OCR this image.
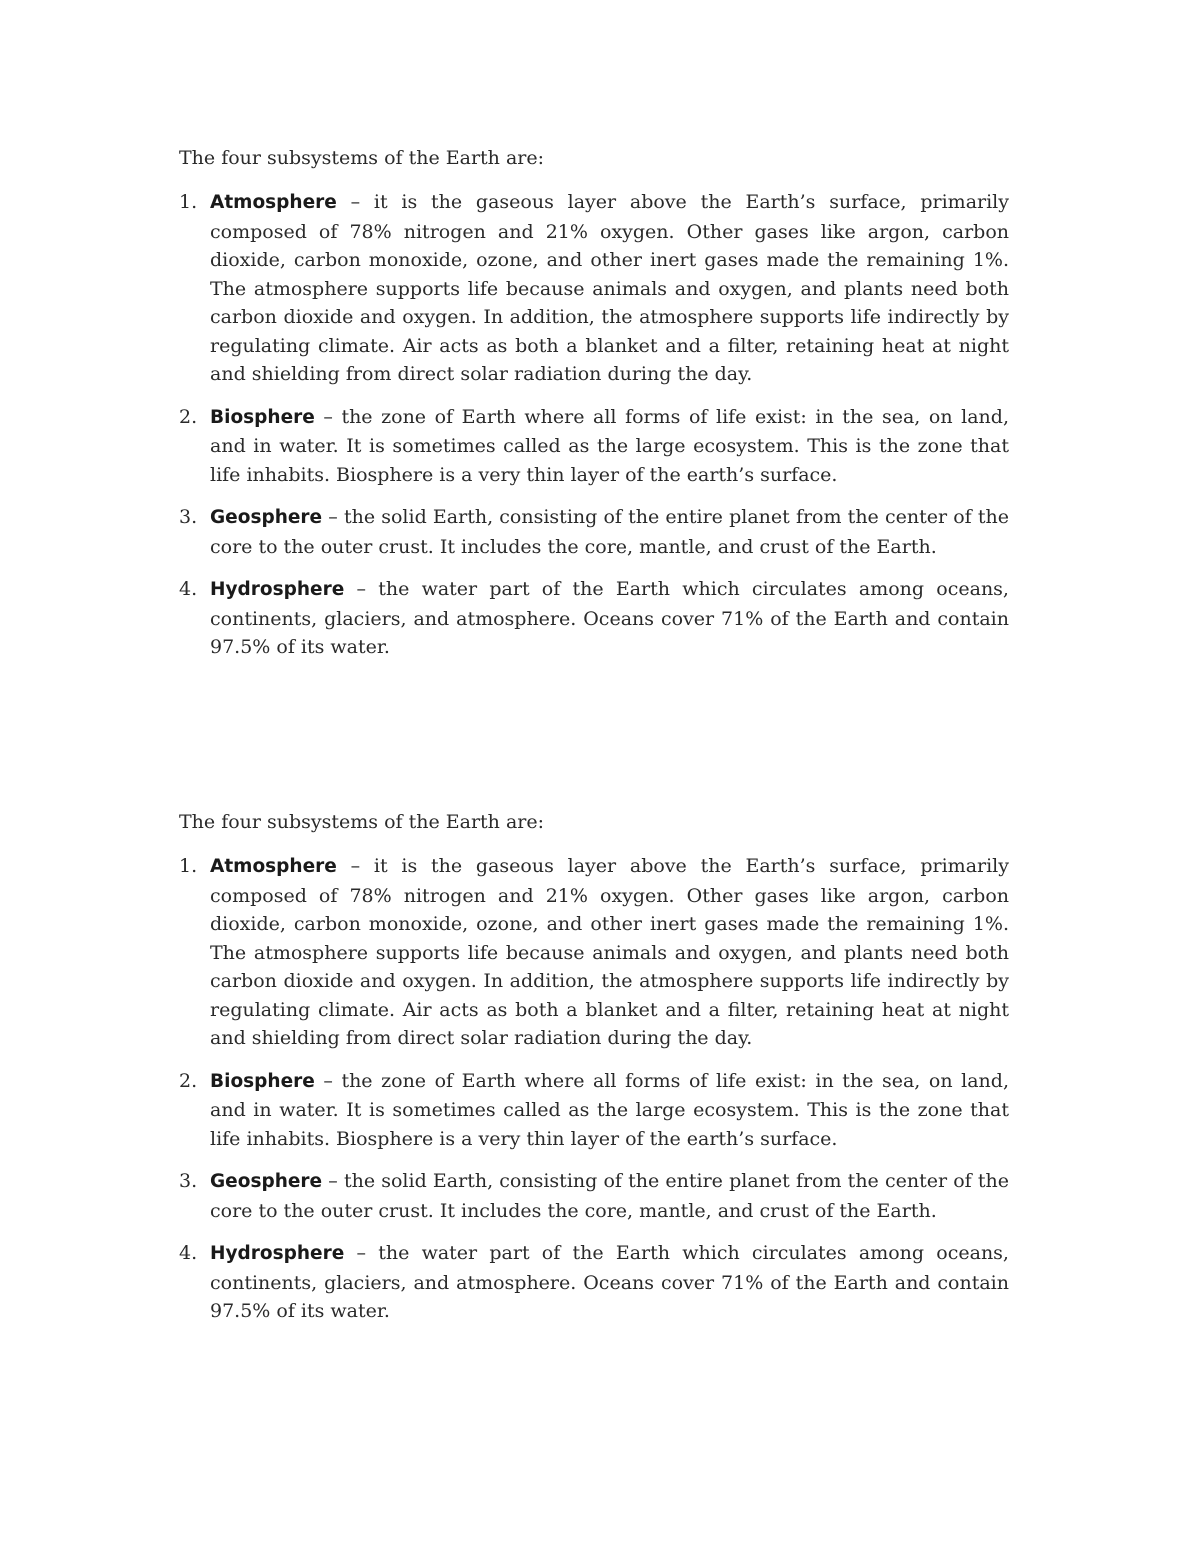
The four subsystems of the Earth are:

1. Atmosphere – it is the gaseous layer above the Earth’s surface, primarily composed of 78% nitrogen and 21% oxygen. Other gases like argon, carbon dioxide, carbon monoxide, ozone, and other inert gases made the remaining 1%. The atmosphere supports life because animals and oxygen, and plants need both carbon dioxide and oxygen. In addition, the atmosphere supports life indirectly by regulating climate. Air acts as both a blanket and a filter, retaining heat at night and shielding from direct solar radiation during the day.
2. Biosphere – the zone of Earth where all forms of life exist: in the sea, on land, and in water. It is sometimes called as the large ecosystem. This is the zone that life inhabits. Biosphere is a very thin layer of the earth’s surface.
3. Geosphere – the solid Earth, consisting of the entire planet from the center of the core to the outer crust. It includes the core, mantle, and crust of the Earth.
4. Hydrosphere – the water part of the Earth which circulates among oceans, continents, glaciers, and atmosphere. Oceans cover 71% of the Earth and contain 97.5% of its water.

The four subsystems of the Earth are:

1. Atmosphere – it is the gaseous layer above the Earth’s surface, primarily composed of 78% nitrogen and 21% oxygen. Other gases like argon, carbon dioxide, carbon monoxide, ozone, and other inert gases made the remaining 1%. The atmosphere supports life because animals and oxygen, and plants need both carbon dioxide and oxygen. In addition, the atmosphere supports life indirectly by regulating climate. Air acts as both a blanket and a filter, retaining heat at night and shielding from direct solar radiation during the day.
2. Biosphere – the zone of Earth where all forms of life exist: in the sea, on land, and in water. It is sometimes called as the large ecosystem. This is the zone that life inhabits. Biosphere is a very thin layer of the earth’s surface.
3. Geosphere – the solid Earth, consisting of the entire planet from the center of the core to the outer crust. It includes the core, mantle, and crust of the Earth.
4. Hydrosphere – the water part of the Earth which circulates among oceans, continents, glaciers, and atmosphere. Oceans cover 71% of the Earth and contain 97.5% of its water.
